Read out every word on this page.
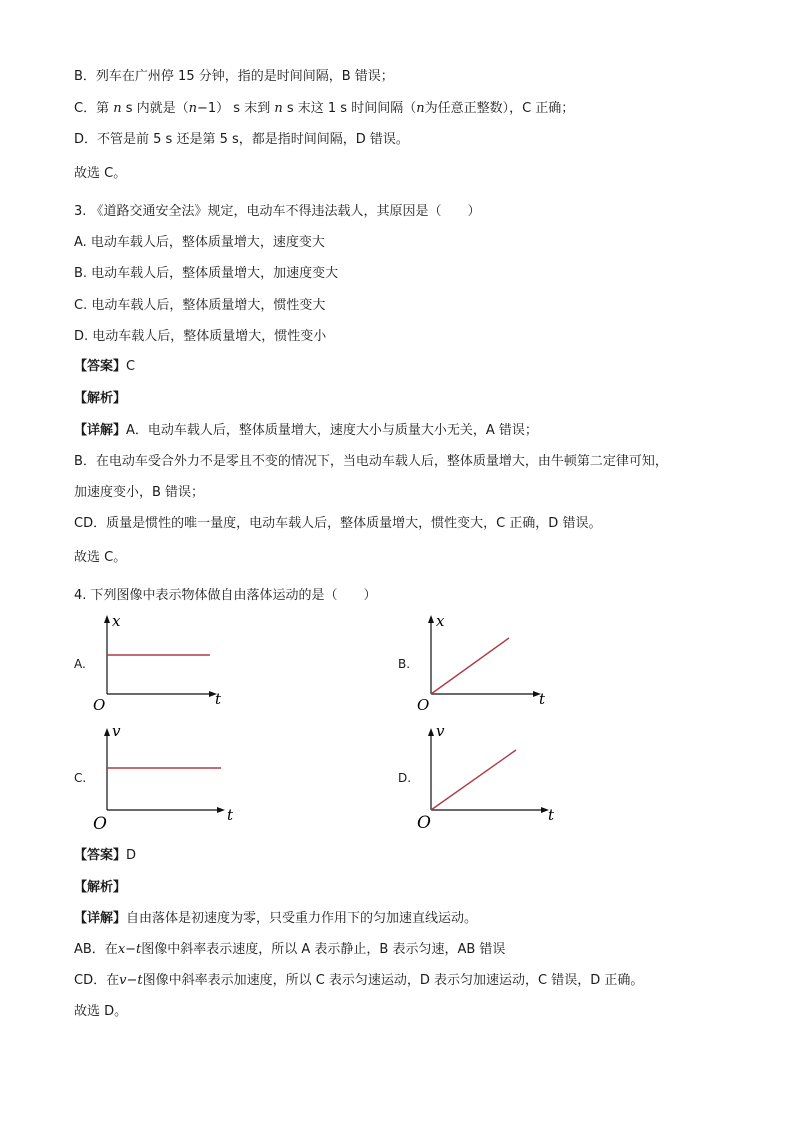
B．列车在广州停 15 分钟，指的是时间间隔，B 错误；
C．第 n s 内就是（n−1） s 末到 n s 末这 1 s 时间间隔（n为任意正整数），C 正确；
D．不管是前 5 s 还是第 5 s，都是指时间间隔，D 错误。
故选 C。
3. 《道路交通安全法》规定，电动车不得违法载人，其原因是（　　）
A. 电动车载人后，整体质量增大，速度变大
B. 电动车载人后，整体质量增大，加速度变大
C. 电动车载人后，整体质量增大，惯性变大
D. 电动车载人后，整体质量增大，惯性变小
【答案】C
【解析】
【详解】A．电动车载人后，整体质量增大，速度大小与质量大小无关，A 错误；
B．在电动车受合外力不是零且不变的情况下，当电动车载人后，整体质量增大，由牛顿第二定律可知，
加速度变小，B 错误；
CD．质量是惯性的唯一量度，电动车载人后，整体质量增大，惯性变大，C 正确，D 错误。
故选 C。
4. 下列图像中表示物体做自由落体运动的是（　　）
A.
x
t
O
B.
x
t
O
C.
v
t
O
D.
v
t
O
【答案】D
【解析】
【详解】自由落体是初速度为零，只受重力作用下的匀加速直线运动。
AB．在x−t图像中斜率表示速度，所以 A 表示静止，B 表示匀速，AB 错误
CD．在v−t图像中斜率表示加速度，所以 C 表示匀速运动，D 表示匀加速运动，C 错误，D 正确。
故选 D。
